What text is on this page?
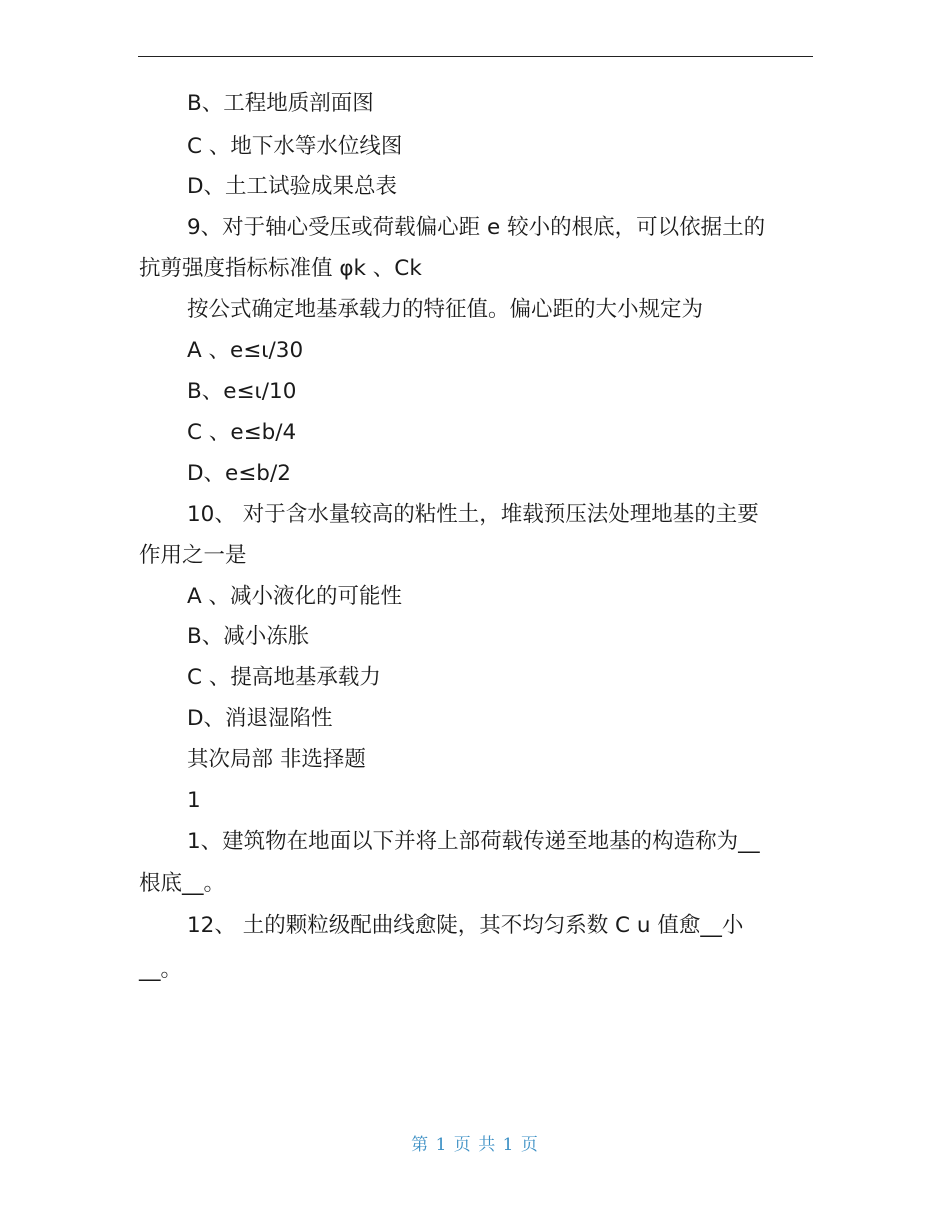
B、工程地质剖面图
C 、地下水等水位线图
D、土工试验成果总表
9、对于轴心受压或荷载偏心距 e 较小的根底，可以依据土的
抗剪强度指标标准值 φk 、Ck
按公式确定地基承载力的特征值。偏心距的大小规定为
A 、e≤ι/30
B、e≤ι/10
C 、e≤b/4
D、e≤b/2
10、 对于含水量较高的粘性土，堆载预压法处理地基的主要
作用之一是
A 、减小液化的可能性
B、减小冻胀
C 、提高地基承载力
D、消退湿陷性
其次局部 非选择题
1
1、建筑物在地面以下并将上部荷载传递至地基的构造称为__
根底__。
12、 土的颗粒级配曲线愈陡，其不均匀系数 C u 值愈__小
__。
第 1 页 共 1 页
